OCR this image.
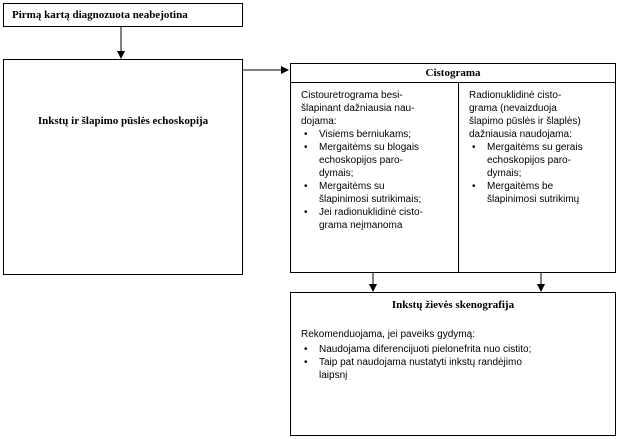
Pirmą kartą diagnozuota neabejotina
Inkstų ir šlapimo pūslės echoskopija
Cistograma
Cistouretrograma besi-
šlapinant dažniausia nau-
dojama:
• Visiems berniukams;
• Mergaitėms su blogais
echoskopijos paro-
dymais;
• Mergaitėms su
šlapinimosi sutrikimais;
• Jei radionuklidinė cisto-
grama neįmanoma
Radionuklidinė cisto-
grama (nevaizduoja
šlapimo pūslės ir šlaplės)
dažniausia naudojama:
• Mergaitėms su gerais
echoskopijos paro-
dymais;
• Mergaitėms be
šlapinimosi sutrikimų
Inkstų žievės skenografija
Rekomenduojama, jei paveiks gydymą:
• Naudojama diferencijuoti pielonefrita nuo cistito;
• Taip pat naudojama nustatyti inkstų randėjimo
laipsnį
